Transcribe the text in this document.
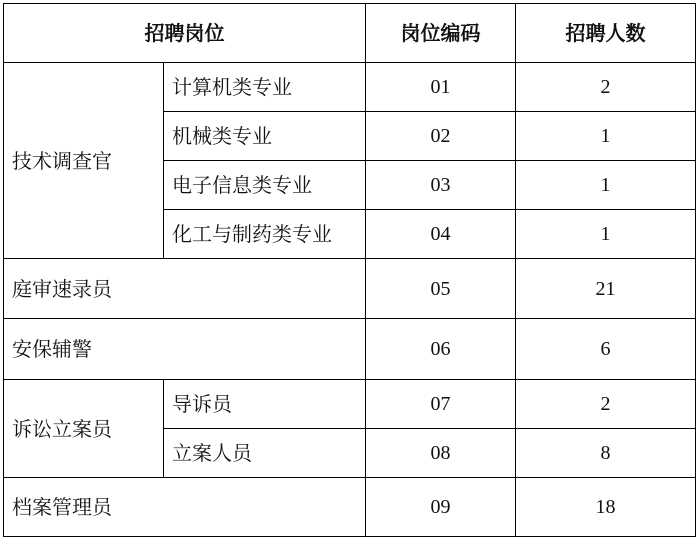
招聘岗位		岗位编码	招聘人数
技术调查官	计算机类专业	01	2
	机械类专业	02	1
	电子信息类专业	03	1
	化工与制药类专业	04	1
庭审速录员		05	21
安保辅警		06	6
诉讼立案员	导诉员	07	2
	立案人员	08	8
档案管理员		09	18
